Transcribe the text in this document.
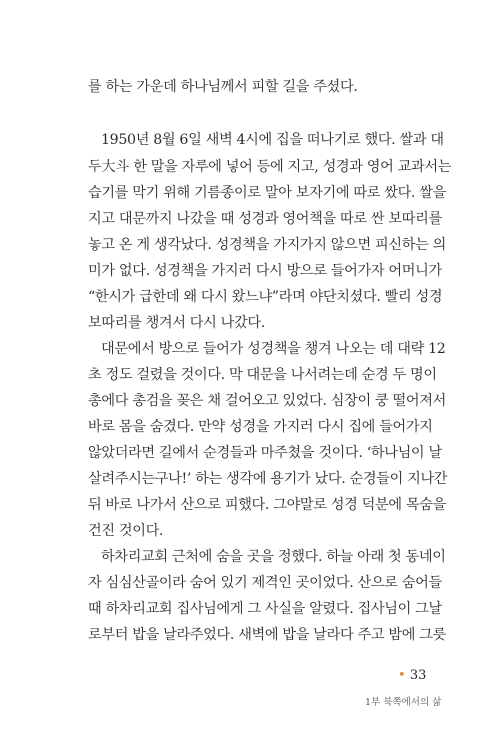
를 하는 가운데 하나님께서 피할 길을 주셨다.
1950년 8월 6일 새벽 4시에 집을 떠나기로 했다. 쌀과 대
두大斗 한 말을 자루에 넣어 등에 지고, 성경과 영어 교과서는
습기를 막기 위해 기름종이로 말아 보자기에 따로 쌌다. 쌀을
지고 대문까지 나갔을 때 성경과 영어책을 따로 싼 보따리를
놓고 온 게 생각났다. 성경책을 가지가지 않으면 피신하는 의
미가 없다. 성경책을 가지러 다시 방으로 들어가자 어머니가
“한시가 급한데 왜 다시 왔느냐”라며 야단치셨다. 빨리 성경
보따리를 챙겨서 다시 나갔다.
대문에서 방으로 들어가 성경책을 챙겨 나오는 데 대략 12
초 정도 걸렸을 것이다. 막 대문을 나서려는데 순경 두 명이
총에다 총검을 꽂은 채 걸어오고 있었다. 심장이 쿵 떨어져서
바로 몸을 숨겼다. 만약 성경을 가지러 다시 집에 들어가지
않았더라면 길에서 순경들과 마주쳤을 것이다. ‘하나님이 날
살려주시는구나!’ 하는 생각에 용기가 났다. 순경들이 지나간
뒤 바로 나가서 산으로 피했다. 그야말로 성경 덕분에 목숨을
건진 것이다.
하차리교회 근처에 숨을 곳을 정했다. 하늘 아래 첫 동네이
자 심심산골이라 숨어 있기 제격인 곳이었다. 산으로 숨어들
때 하차리교회 집사님에게 그 사실을 알렸다. 집사님이 그날
로부터 밥을 날라주었다. 새벽에 밥을 날라다 주고 밤에 그릇
• 33
1부 북쪽에서의 삶
